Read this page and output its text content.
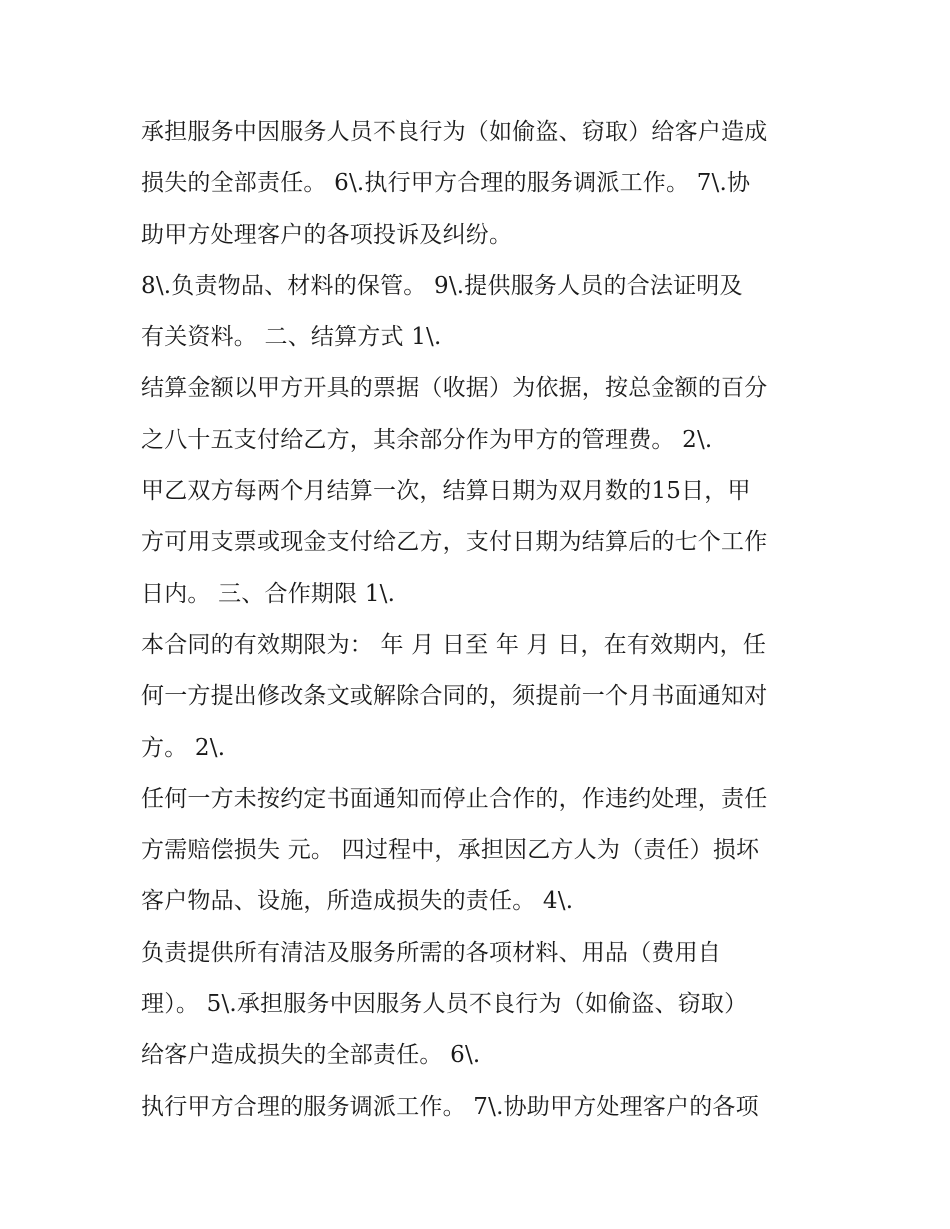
承担服务中因服务人员不良行为（如偷盗、窃取）给客户造成
损失的全部责任。 6\.执行甲方合理的服务调派工作。 7\.协
助甲方处理客户的各项投诉及纠纷。
8\.负责物品、材料的保管。 9\.提供服务人员的合法证明及
有关资料。 二、结算方式 1\.
结算金额以甲方开具的票据（收据）为依据，按总金额的百分
之八十五支付给乙方，其余部分作为甲方的管理费。 2\.
甲乙双方每两个月结算一次，结算日期为双月数的15日，甲
方可用支票或现金支付给乙方，支付日期为结算后的七个工作
日内。 三、合作期限 1\.
本合同的有效期限为： 年 月 日至 年 月 日，在有效期内，任
何一方提出修改条文或解除合同的，须提前一个月书面通知对
方。 2\.
任何一方未按约定书面通知而停止合作的，作违约处理，责任
方需赔偿损失 元。 四过程中，承担因乙方人为（责任）损坏
客户物品、设施，所造成损失的责任。 4\.
负责提供所有清洁及服务所需的各项材料、用品（费用自
理）。 5\.承担服务中因服务人员不良行为（如偷盗、窃取）
给客户造成损失的全部责任。 6\.
执行甲方合理的服务调派工作。 7\.协助甲方处理客户的各项
